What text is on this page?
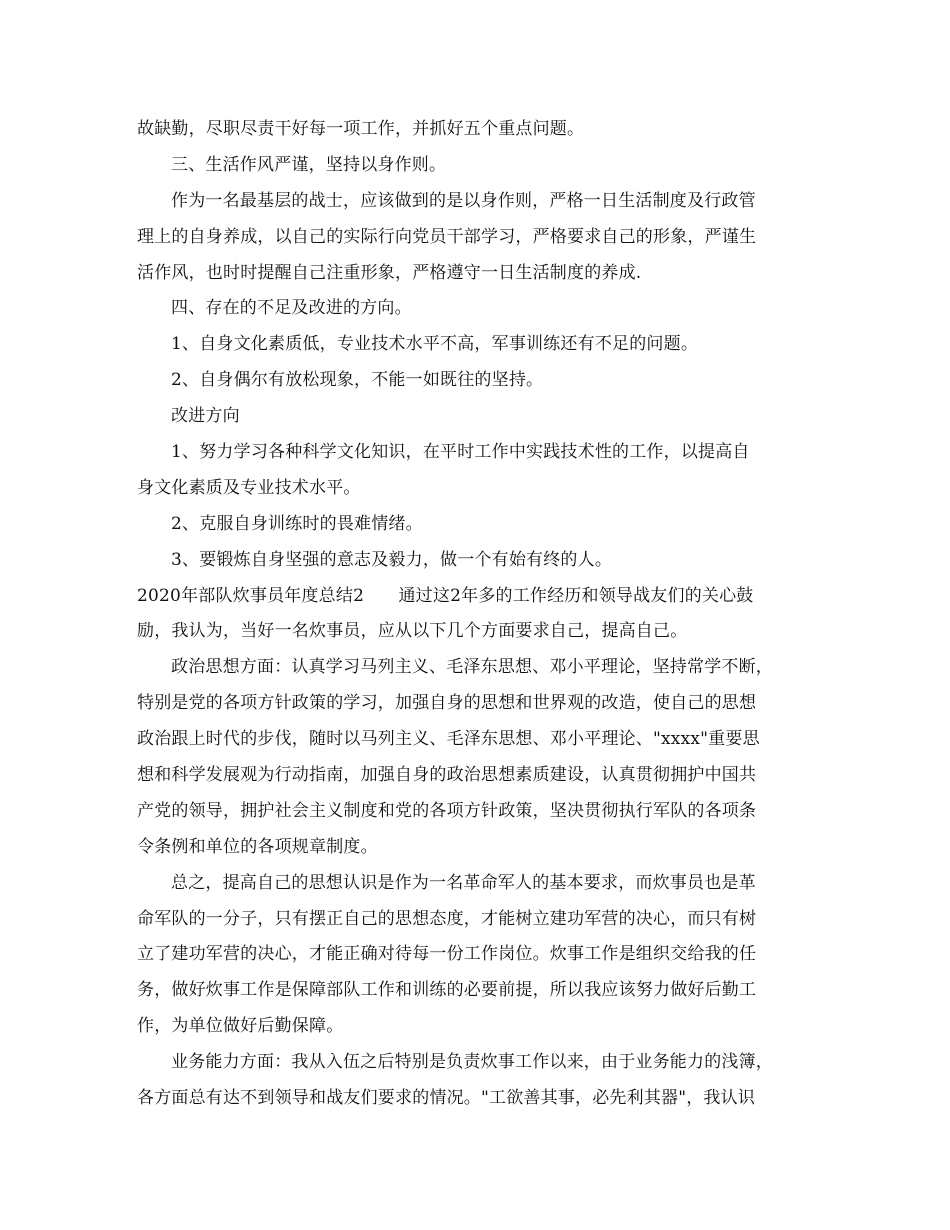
故缺勤，尽职尽责干好每一项工作，并抓好五个重点问题。
三、生活作风严谨，坚持以身作则。
作为一名最基层的战士，应该做到的是以身作则，严格一日生活制度及行政管
理上的自身养成，以自己的实际行向党员干部学习，严格要求自己的形象，严谨生
活作风，也时时提醒自己注重形象，严格遵守一日生活制度的养成.
四、存在的不足及改进的方向。
1、自身文化素质低，专业技术水平不高，军事训练还有不足的问题。
2、自身偶尔有放松现象，不能一如既往的坚持。
改进方向
1、努力学习各种科学文化知识，在平时工作中实践技术性的工作，以提高自
身文化素质及专业技术水平。
2、克服自身训练时的畏难情绪。
3、要锻炼自身坚强的意志及毅力，做一个有始有终的人。
2020年部队炊事员年度总结2　　通过这2年多的工作经历和领导战友们的关心鼓
励，我认为，当好一名炊事员，应从以下几个方面要求自己，提高自己。
政治思想方面：认真学习马列主义、毛泽东思想、邓小平理论，坚持常学不断，
特别是党的各项方针政策的学习，加强自身的思想和世界观的改造，使自己的思想
政治跟上时代的步伐，随时以马列主义、毛泽东思想、邓小平理论、"xxxx"重要思
想和科学发展观为行动指南，加强自身的政治思想素质建设，认真贯彻拥护中国共
产党的领导，拥护社会主义制度和党的各项方针政策，坚决贯彻执行军队的各项条
令条例和单位的各项规章制度。
总之，提高自己的思想认识是作为一名革命军人的基本要求，而炊事员也是革
命军队的一分子，只有摆正自己的思想态度，才能树立建功军营的决心，而只有树
立了建功军营的决心，才能正确对待每一份工作岗位。炊事工作是组织交给我的任
务，做好炊事工作是保障部队工作和训练的必要前提，所以我应该努力做好后勤工
作，为单位做好后勤保障。
业务能力方面：我从入伍之后特别是负责炊事工作以来，由于业务能力的浅簿，
各方面总有达不到领导和战友们要求的情况。"工欲善其事，必先利其器"，我认识
